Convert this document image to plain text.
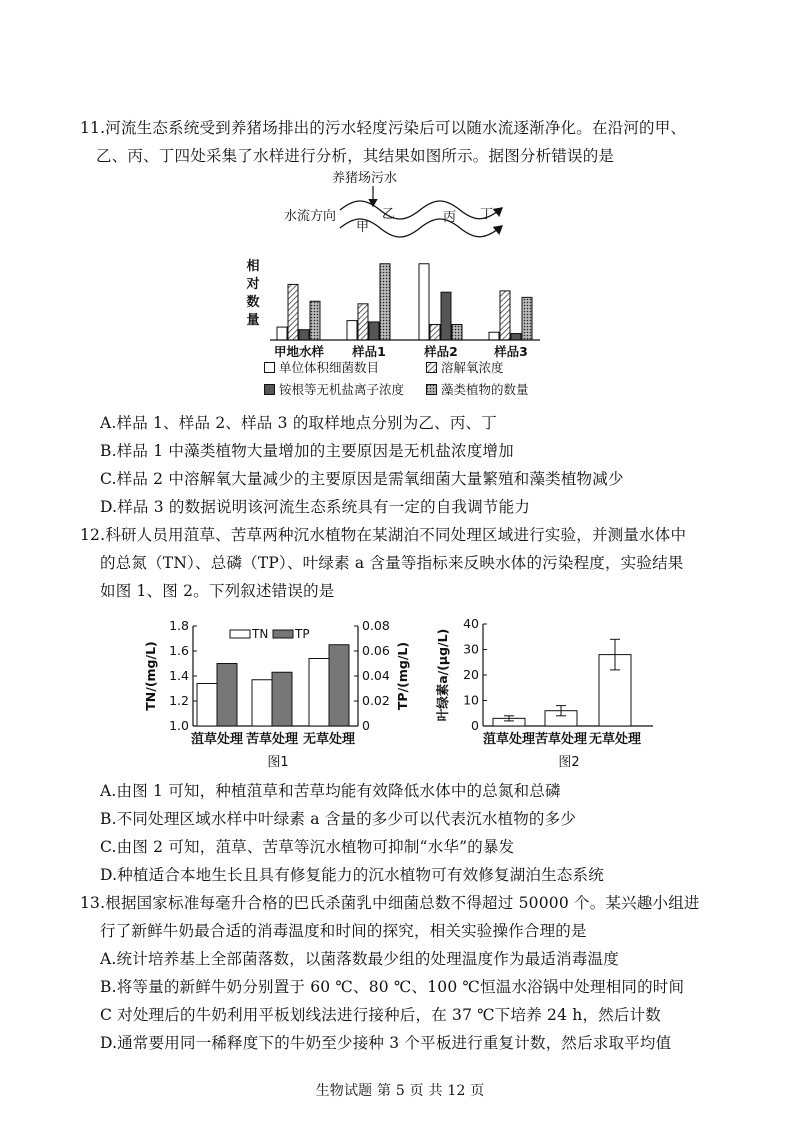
11.河流生态系统受到养猪场排出的污水轻度污染后可以随水流逐渐净化。在沿河的甲、
乙、丙、丁四处采集了水样进行分析，其结果如图所示。据图分析错误的是
养猪场污水
水流方向
甲
乙	丙 丁
相
对
数
量
甲地水样 样品1	样品2	样品3
单位体积细菌数目	溶解氧浓度
铵根等无机盐离子浓度	藻类植物的数量
A.样品 1、样品 2、样品 3 的取样地点分别为乙、丙、丁
B.样品 1 中藻类植物大量增加的主要原因是无机盐浓度增加
C.样品 2 中溶解氧大量减少的主要原因是需氧细菌大量繁殖和藻类植物减少
D.样品 3 的数据说明该河流生态系统具有一定的自我调节能力
12.科研人员用菹草、苦草两种沉水植物在某湖泊不同处理区域进行实验，并测量水体中
的总氮（TN）、总磷（TP）、叶绿素 a 含量等指标来反映水体的污染程度，实验结果
如图 1、图 2。下列叙述错误的是
1.0
1.2
1.4
1.6
1.8
TN/(mg/L)
0
0.02
0.04
0.06
0.08
TP/(mg/L)
菹草处理 苦草处理 无草处理
TN TP
图1
0
10
20
30
40
叶绿素a/(μg/L)
菹草处理 苦草处理 无草处理
图2
A.由图 1 可知，种植菹草和苦草均能有效降低水体中的总氮和总磷
B.不同处理区域水样中叶绿素 a 含量的多少可以代表沉水植物的多少
C.由图 2 可知，菹草、苦草等沉水植物可抑制“水华”的暴发
D.种植适合本地生长且具有修复能力的沉水植物可有效修复湖泊生态系统
13.根据国家标准每毫升合格的巴氏杀菌乳中细菌总数不得超过 50000 个。某兴趣小组进
行了新鲜牛奶最合适的消毒温度和时间的探究，相关实验操作合理的是
A.统计培养基上全部菌落数，以菌落数最少组的处理温度作为最适消毒温度
B.将等量的新鲜牛奶分别置于 60 ℃、80 ℃、100 ℃恒温水浴锅中处理相同的时间
C 对处理后的牛奶利用平板划线法进行接种后，在 37 ℃下培养 24 h，然后计数
D.通常要用同一稀释度下的牛奶至少接种 3 个平板进行重复计数，然后求取平均值
生物试题 第 5 页 共 12 页
